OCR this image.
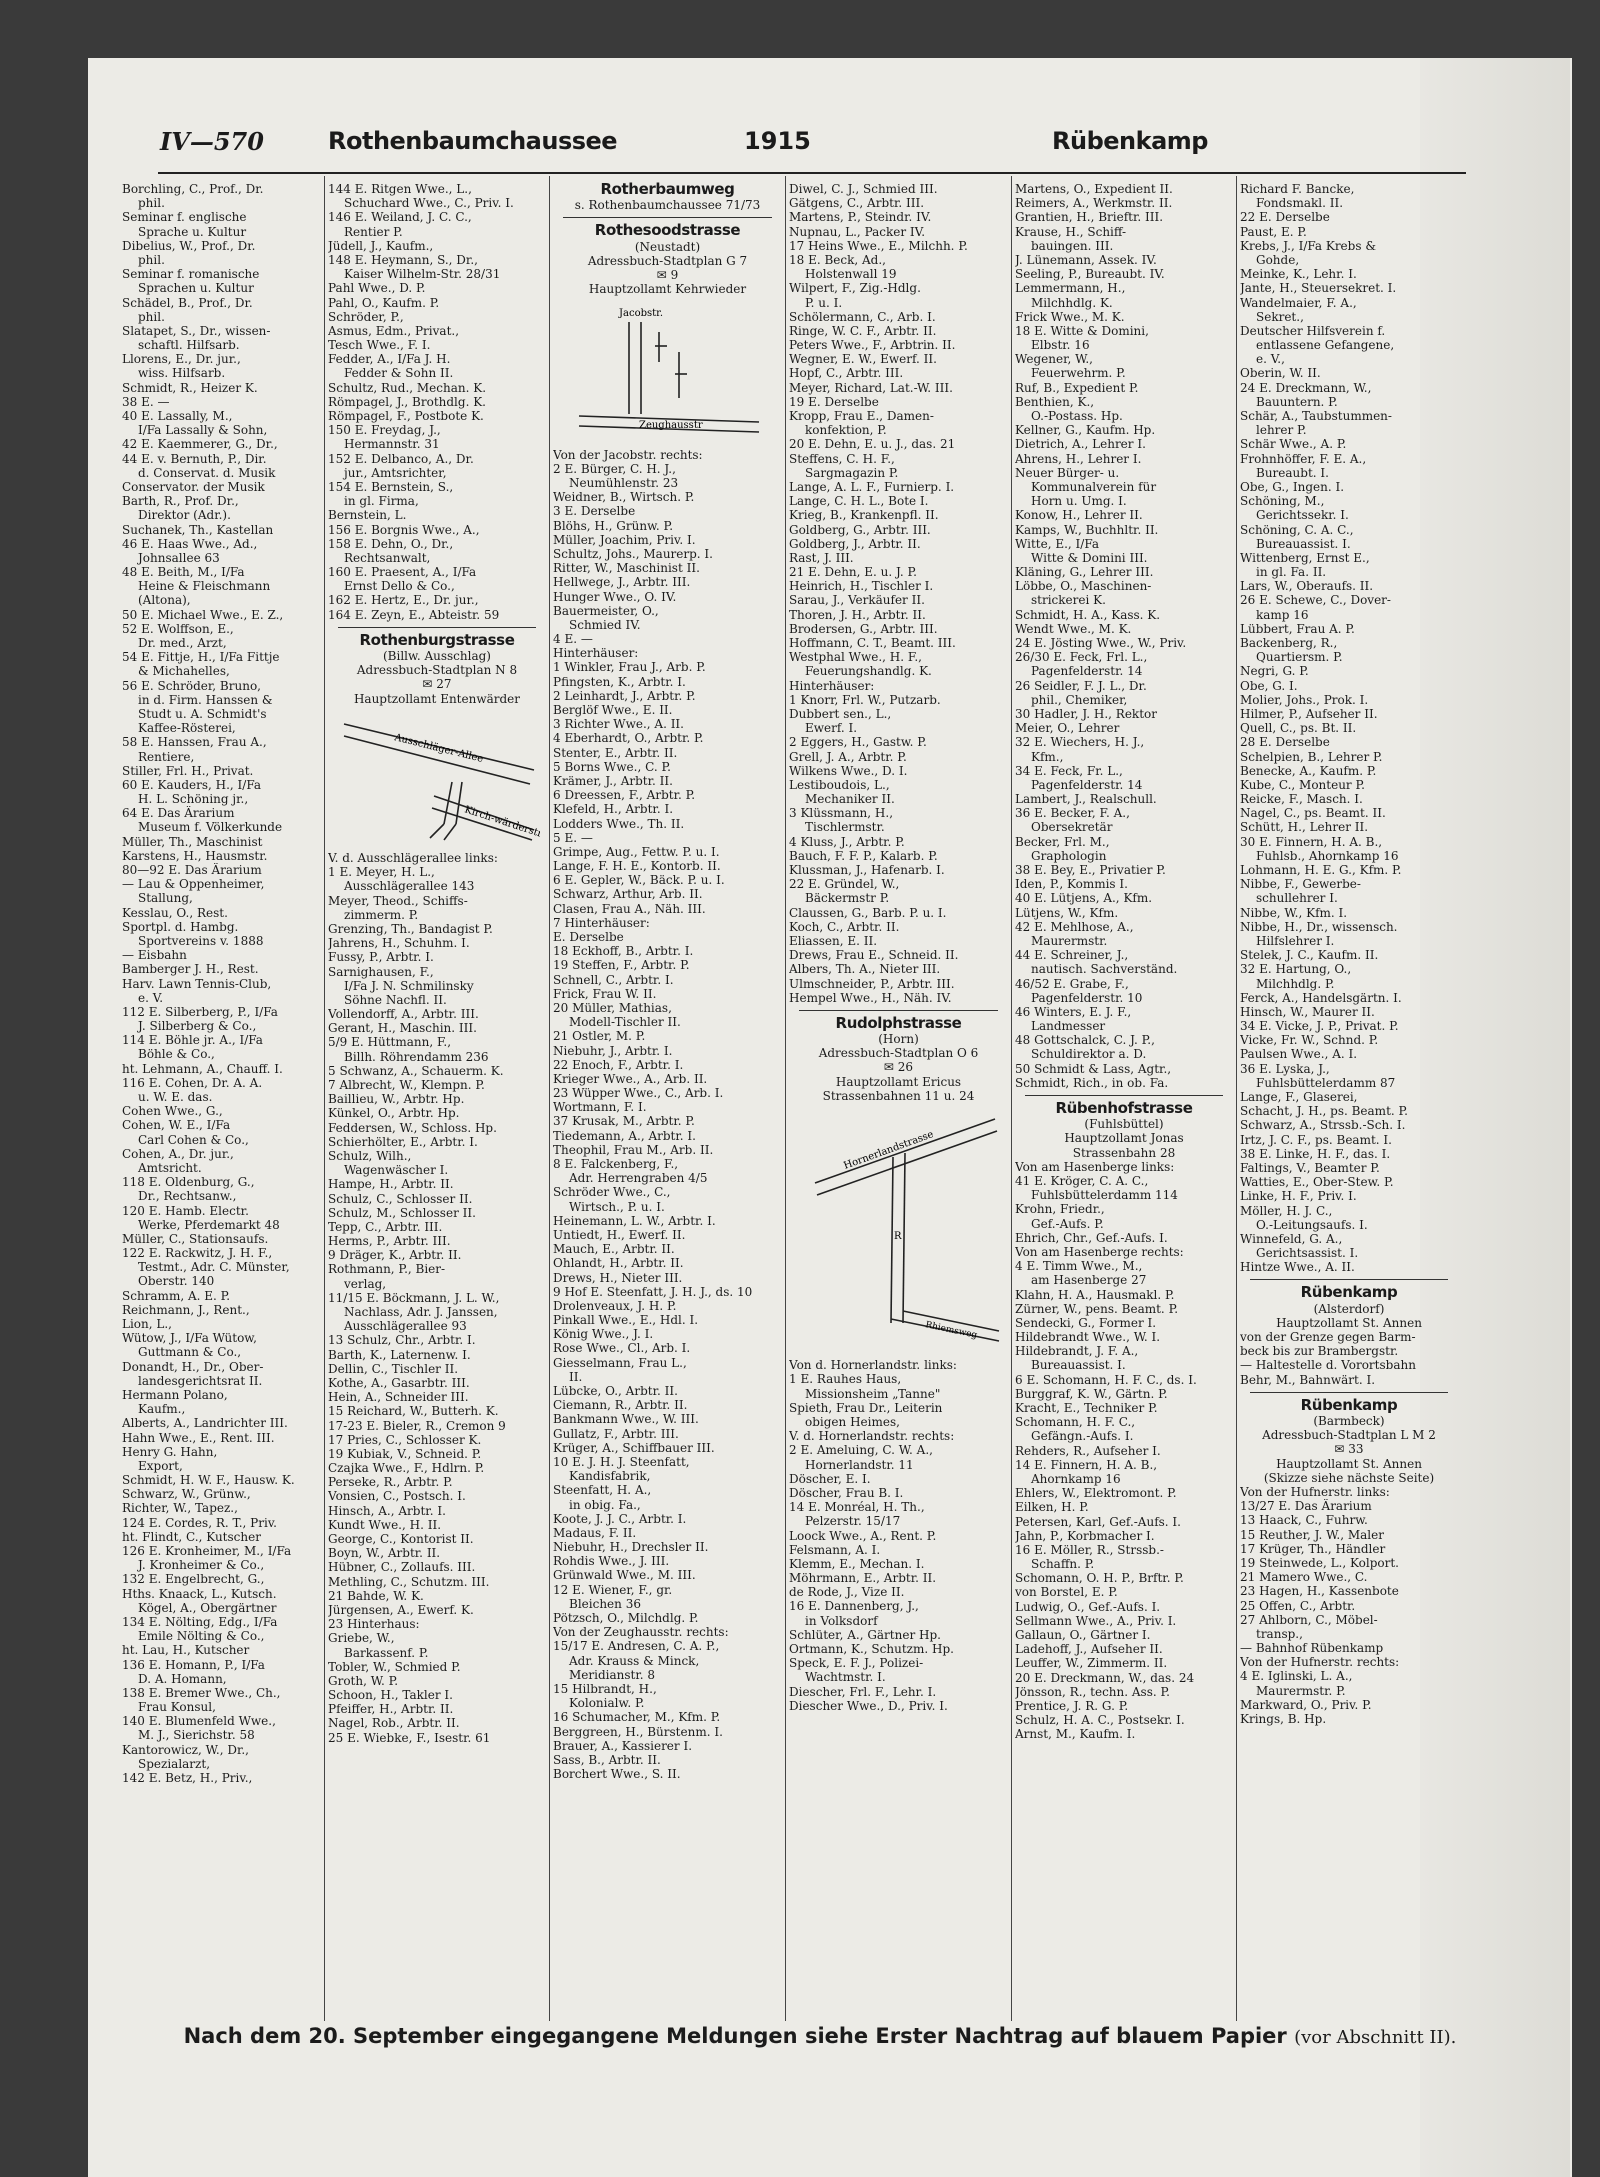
IV—570	Rothenbaumchaussee	1915	Rübenkamp
Borchling, C., Prof., Dr.
phil.
Seminar f. englische
Sprache u. Kultur
Dibelius, W., Prof., Dr.
phil.
Seminar f. romanische
Sprachen u. Kultur
Schädel, B., Prof., Dr.
phil.
Slatapet, S., Dr., wissen-
schaftl. Hilfsarb.
Llorens, E., Dr. jur.,
wiss. Hilfsarb.
Schmidt, R., Heizer K.
38 E. —
40 E. Lassally, M.,
I/Fa Lassally & Sohn,
42 E. Kaemmerer, G., Dr.,
44 E. v. Bernuth, P., Dir.
d. Conservat. d. Musik
Conservator. der Musik
Barth, R., Prof. Dr.,
Direktor (Adr.).
Suchanek, Th., Kastellan
46 E. Haas Wwe., Ad.,
Johnsallee 63
48 E. Beith, M., I/Fa
Heine & Fleischmann
(Altona),
50 E. Michael Wwe., E. Z.,
52 E. Wolffson, E.,
Dr. med., Arzt,
54 E. Fittje, H., I/Fa Fittje
& Michahelles,
56 E. Schröder, Bruno,
in d. Firm. Hanssen &
Studt u. A. Schmidt's
Kaffee-Rösterei,
58 E. Hanssen, Frau A.,
Rentiere,
Stiller, Frl. H., Privat.
60 E. Kauders, H., I/Fa
H. L. Schöning jr.,
64 E. Das Ärarium
Museum f. Völkerkunde
Müller, Th., Maschinist
Karstens, H., Hausmstr.
80—92 E. Das Ärarium
— Lau & Oppenheimer,
Stallung,
Kesslau, O., Rest.
Sportpl. d. Hambg.
Sportvereins v. 1888
— Eisbahn
Bamberger J. H., Rest.
Harv. Lawn Tennis-Club,
e. V.
112 E. Silberberg, P., I/Fa
J. Silberberg & Co.,
114 E. Böhle jr. A., I/Fa
Böhle & Co.,
ht. Lehmann, A., Chauff. I.
116 E. Cohen, Dr. A. A.
u. W. E. das.
Cohen Wwe., G.,
Cohen, W. E., I/Fa
Carl Cohen & Co.,
Cohen, A., Dr. jur.,
Amtsricht.
118 E. Oldenburg, G.,
Dr., Rechtsanw.,
120 E. Hamb. Electr.
Werke, Pferdemarkt 48
Müller, C., Stationsaufs.
122 E. Rackwitz, J. H. F.,
Testmt., Adr. C. Münster,
Oberstr. 140
Schramm, A. E. P.
Reichmann, J., Rent.,
Lion, L.,
Wütow, J., I/Fa Wütow,
Guttmann & Co.,
Donandt, H., Dr., Ober-
landesgerichtsrat II.
Hermann Polano,
Kaufm.,
Alberts, A., Landrichter III.
Hahn Wwe., E., Rent. III.
Henry G. Hahn,
Export,
Schmidt, H. W. F., Hausw. K.
Schwarz, W., Grünw.,
Richter, W., Tapez.,
124 E. Cordes, R. T., Priv.
ht. Flindt, C., Kutscher
126 E. Kronheimer, M., I/Fa
J. Kronheimer & Co.,
132 E. Engelbrecht, G.,
Hths. Knaack, L., Kutsch.
Kögel, A., Obergärtner
134 E. Nölting, Edg., I/Fa
Emile Nölting & Co.,
ht. Lau, H., Kutscher
136 E. Homann, P., I/Fa
D. A. Homann,
138 E. Bremer Wwe., Ch.,
Frau Konsul,
140 E. Blumenfeld Wwe.,
M. J., Sierichstr. 58
Kantorowicz, W., Dr.,
Spezialarzt,
142 E. Betz, H., Priv.,
144 E. Ritgen Wwe., L.,
Schuchard Wwe., C., Priv. I.
146 E. Weiland, J. C. C.,
Rentier P.
Jüdell, J., Kaufm.,
148 E. Heymann, S., Dr.,
Kaiser Wilhelm-Str. 28/31
Pahl Wwe., D. P.
Pahl, O., Kaufm. P.
Schröder, P.,
Asmus, Edm., Privat.,
Tesch Wwe., F. I.
Fedder, A., I/Fa J. H.
Fedder & Sohn II.
Schultz, Rud., Mechan. K.
Römpagel, J., Brothdlg. K.
Römpagel, F., Postbote K.
150 E. Freydag, J.,
Hermannstr. 31
152 E. Delbanco, A., Dr.
jur., Amtsrichter,
154 E. Bernstein, S.,
in gl. Firma,
Bernstein, L.
156 E. Borgnis Wwe., A.,
158 E. Dehn, O., Dr.,
Rechtsanwalt,
160 E. Praesent, A., I/Fa
Ernst Dello & Co.,
162 E. Hertz, E., Dr. jur.,
164 E. Zeyn, E., Abteistr. 59
Rothenburgstrasse
(Billw. Ausschlag)
Adressbuch-Stadtplan N 8
✉ 27
Hauptzollamt Entenwärder
Ausschläger-Allee
Kirch-wärderstr.
V. d. Ausschlägerallee links:
1 E. Meyer, H. L.,
Ausschlägerallee 143
Meyer, Theod., Schiffs-
zimmerm. P.
Grenzing, Th., Bandagist P.
Jahrens, H., Schuhm. I.
Fussy, P., Arbtr. I.
Sarnighausen, F.,
I/Fa J. N. Schmilinsky
Söhne Nachfl. II.
Vollendorff, A., Arbtr. III.
Gerant, H., Maschin. III.
5/9 E. Hüttmann, F.,
Billh. Röhrendamm 236
5 Schwanz, A., Schauerm. K.
7 Albrecht, W., Klempn. P.
Baillieu, W., Arbtr. Hp.
Künkel, O., Arbtr. Hp.
Feddersen, W., Schloss. Hp.
Schierhölter, E., Arbtr. I.
Schulz, Wilh.,
Wagenwäscher I.
Hampe, H., Arbtr. II.
Schulz, C., Schlosser II.
Schulz, M., Schlosser II.
Tepp, C., Arbtr. III.
Herms, P., Arbtr. III.
9 Dräger, K., Arbtr. II.
Rothmann, P., Bier-
verlag,
11/15 E. Böckmann, J. L. W.,
Nachlass, Adr. J. Janssen,
Ausschlägerallee 93
13 Schulz, Chr., Arbtr. I.
Barth, K., Laternenw. I.
Dellin, C., Tischler II.
Kothe, A., Gasarbtr. III.
Hein, A., Schneider III.
15 Reichard, W., Butterh. K.
17-23 E. Bieler, R., Cremon 9
17 Pries, C., Schlosser K.
19 Kubiak, V., Schneid. P.
Czajka Wwe., F., Hdlrn. P.
Perseke, R., Arbtr. P.
Vonsien, C., Postsch. I.
Hinsch, A., Arbtr. I.
Kundt Wwe., H. II.
George, C., Kontorist II.
Boyn, W., Arbtr. II.
Hübner, C., Zollaufs. III.
Methling, C., Schutzm. III.
21 Bahde, W. K.
Jürgensen, A., Ewerf. K.
23 Hinterhaus:
Griebe, W.,
Barkassenf. P.
Tobler, W., Schmied P.
Groth, W. P.
Schoon, H., Takler I.
Pfeiffer, H., Arbtr. II.
Nagel, Rob., Arbtr. II.
25 E. Wiebke, F., Isestr. 61
Rotherbaumweg
s. Rothenbaumchaussee 71/73
Rothesoodstrasse
(Neustadt)
Adressbuch-Stadtplan G 7
✉ 9
Hauptzollamt Kehrwieder
Jacobstr.
Zeughausstr
Von der Jacobstr. rechts:
2 E. Bürger, C. H. J.,
Neumühlenstr. 23
Weidner, B., Wirtsch. P.
3 E. Derselbe
Blöhs, H., Grünw. P.
Müller, Joachim, Priv. I.
Schultz, Johs., Maurerp. I.
Ritter, W., Maschinist II.
Hellwege, J., Arbtr. III.
Hunger Wwe., O. IV.
Bauermeister, O.,
Schmied IV.
4 E. —
Hinterhäuser:
1 Winkler, Frau J., Arb. P.
Pfingsten, K., Arbtr. I.
2 Leinhardt, J., Arbtr. P.
Berglöf Wwe., E. II.
3 Richter Wwe., A. II.
4 Eberhardt, O., Arbtr. P.
Stenter, E., Arbtr. II.
5 Borns Wwe., C. P.
Krämer, J., Arbtr. II.
6 Dreessen, F., Arbtr. P.
Klefeld, H., Arbtr. I.
Lodders Wwe., Th. II.
5 E. —
Grimpe, Aug., Fettw. P. u. I.
Lange, F. H. E., Kontorb. II.
6 E. Gepler, W., Bäck. P. u. I.
Schwarz, Arthur, Arb. II.
Clasen, Frau A., Näh. III.
7 Hinterhäuser:
E. Derselbe
18 Eckhoff, B., Arbtr. I.
19 Steffen, F., Arbtr. P.
Schnell, C., Arbtr. I.
Frick, Frau W. II.
20 Müller, Mathias,
Modell-Tischler II.
21 Ostler, M. P.
Niebuhr, J., Arbtr. I.
22 Enoch, F., Arbtr. I.
Krieger Wwe., A., Arb. II.
23 Wüpper Wwe., C., Arb. I.
Wortmann, F. I.
37 Krusak, M., Arbtr. P.
Tiedemann, A., Arbtr. I.
Theophil, Frau M., Arb. II.
8 E. Falckenberg, F.,
Adr. Herrengraben 4/5
Schröder Wwe., C.,
Wirtsch., P. u. I.
Heinemann, L. W., Arbtr. I.
Untiedt, H., Ewerf. II.
Mauch, E., Arbtr. II.
Ohlandt, H., Arbtr. II.
Drews, H., Nieter III.
9 Hof E. Steenfatt, J. H. J., ds. 10
Drolenveaux, J. H. P.
Pinkall Wwe., E., Hdl. I.
König Wwe., J. I.
Rose Wwe., Cl., Arb. I.
Giesselmann, Frau L.,
II.
Lübcke, O., Arbtr. II.
Ciemann, R., Arbtr. II.
Bankmann Wwe., W. III.
Gullatz, F., Arbtr. III.
Krüger, A., Schiffbauer III.
10 E. J. H. J. Steenfatt,
Kandisfabrik,
Steenfatt, H. A.,
in obig. Fa.,
Koote, J. J. C., Arbtr. I.
Madaus, F. II.
Niebuhr, H., Drechsler II.
Rohdis Wwe., J. III.
Grünwald Wwe., M. III.
12 E. Wiener, F., gr.
Bleichen 36
Pötzsch, O., Milchdlg. P.
Von der Zeughausstr. rechts:
15/17 E. Andresen, C. A. P.,
Adr. Krauss & Minck,
Meridianstr. 8
15 Hilbrandt, H.,
Kolonialw. P.
16 Schumacher, M., Kfm. P.
Berggreen, H., Bürstenm. I.
Brauer, A., Kassierer I.
Sass, B., Arbtr. II.
Borchert Wwe., S. II.
Diwel, C. J., Schmied III.
Gätgens, C., Arbtr. III.
Martens, P., Steindr. IV.
Nupnau, L., Packer IV.
17 Heins Wwe., E., Milchh. P.
18 E. Beck, Ad.,
Holstenwall 19
Wilpert, F., Zig.-Hdlg.
P. u. I.
Schölermann, C., Arb. I.
Ringe, W. C. F., Arbtr. II.
Peters Wwe., F., Arbtrin. II.
Wegner, E. W., Ewerf. II.
Hopf, C., Arbtr. III.
Meyer, Richard, Lat.-W. III.
19 E. Derselbe
Kropp, Frau E., Damen-
konfektion, P.
20 E. Dehn, E. u. J., das. 21
Steffens, C. H. F.,
Sargmagazin P.
Lange, A. L. F., Furnierp. I.
Lange, C. H. L., Bote I.
Krieg, B., Krankenpfl. II.
Goldberg, G., Arbtr. III.
Goldberg, J., Arbtr. II.
Rast, J. III.
21 E. Dehn, E. u. J. P.
Heinrich, H., Tischler I.
Sarau, J., Verkäufer II.
Thoren, J. H., Arbtr. II.
Brodersen, G., Arbtr. III.
Hoffmann, C. T., Beamt. III.
Westphal Wwe., H. F.,
Feuerungshandlg. K.
Hinterhäuser:
1 Knorr, Frl. W., Putzarb.
Dubbert sen., L.,
Ewerf. I.
2 Eggers, H., Gastw. P.
Grell, J. A., Arbtr. P.
Wilkens Wwe., D. I.
Lestiboudois, L.,
Mechaniker II.
3 Klüssmann, H.,
Tischlermstr.
4 Kluss, J., Arbtr. P.
Bauch, F. F. P., Kalarb. P.
Klussman, J., Hafenarb. I.
22 E. Gründel, W.,
Bäckermstr P.
Claussen, G., Barb. P. u. I.
Koch, C., Arbtr. II.
Eliassen, E. II.
Drews, Frau E., Schneid. II.
Albers, Th. A., Nieter III.
Ulmschneider, P., Arbtr. III.
Hempel Wwe., H., Näh. IV.
Rudolphstrasse
(Horn)
Adressbuch-Stadtplan O 6
✉ 26
Hauptzollamt Ericus
Strassenbahnen 11 u. 24
Hornerlandstrasse
Rhiemsweg
R
Von d. Hornerlandstr. links:
1 E. Rauhes Haus,
Missionsheim „Tanne"
Spieth, Frau Dr., Leiterin
obigen Heimes,
V. d. Hornerlandstr. rechts:
2 E. Ameluing, C. W. A.,
Hornerlandstr. 11
Döscher, E. I.
Döscher, Frau B. I.
14 E. Monréal, H. Th.,
Pelzerstr. 15/17
Loock Wwe., A., Rent. P.
Felsmann, A. I.
Klemm, E., Mechan. I.
Möhrmann, E., Arbtr. II.
de Rode, J., Vize II.
16 E. Dannenberg, J.,
in Volksdorf
Schlüter, A., Gärtner Hp.
Ortmann, K., Schutzm. Hp.
Speck, E. F. J., Polizei-
Wachtmstr. I.
Diescher, Frl. F., Lehr. I.
Diescher Wwe., D., Priv. I.
Martens, O., Expedient II.
Reimers, A., Werkmstr. II.
Grantien, H., Brieftr. III.
Krause, H., Schiff-
bauingen. III.
J. Lünemann, Assek. IV.
Seeling, P., Bureaubt. IV.
Lemmermann, H.,
Milchhdlg. K.
Frick Wwe., M. K.
18 E. Witte & Domini,
Elbstr. 16
Wegener, W.,
Feuerwehrm. P.
Ruf, B., Expedient P.
Benthien, K.,
O.-Postass. Hp.
Kellner, G., Kaufm. Hp.
Dietrich, A., Lehrer I.
Ahrens, H., Lehrer I.
Neuer Bürger- u.
Kommunalverein für
Horn u. Umg. I.
Konow, H., Lehrer II.
Kamps, W., Buchhltr. II.
Witte, E., I/Fa
Witte & Domini III.
Kläning, G., Lehrer III.
Löbbe, O., Maschinen-
strickerei K.
Schmidt, H. A., Kass. K.
Wendt Wwe., M. K.
24 E. Jösting Wwe., W., Priv.
26/30 E. Feck, Frl. L.,
Pagenfelderstr. 14
26 Seidler, F. J. L., Dr.
phil., Chemiker,
30 Hadler, J. H., Rektor
Meier, O., Lehrer
32 E. Wiechers, H. J.,
Kfm.,
34 E. Feck, Fr. L.,
Pagenfelderstr. 14
Lambert, J., Realschull.
36 E. Becker, F. A.,
Obersekretär
Becker, Frl. M.,
Graphologin
38 E. Bey, E., Privatier P.
Iden, P., Kommis I.
40 E. Lütjens, A., Kfm.
Lütjens, W., Kfm.
42 E. Mehlhose, A.,
Maurermstr.
44 E. Schreiner, J.,
nautisch. Sachverständ.
46/52 E. Grabe, F.,
Pagenfelderstr. 10
46 Winters, E. J. F.,
Landmesser
48 Gottschalck, C. J. P.,
Schuldirektor a. D.
50 Schmidt & Lass, Agtr.,
Schmidt, Rich., in ob. Fa.
Rübenhofstrasse
(Fuhlsbüttel)
Hauptzollamt Jonas
Strassenbahn 28
Von am Hasenberge links:
41 E. Kröger, C. A. C.,
Fuhlsbüttelerdamm 114
Krohn, Friedr.,
Gef.-Aufs. P.
Ehrich, Chr., Gef.-Aufs. I.
Von am Hasenberge rechts:
4 E. Timm Wwe., M.,
am Hasenberge 27
Klahn, H. A., Hausmakl. P.
Zürner, W., pens. Beamt. P.
Sendecki, G., Former I.
Hildebrandt Wwe., W. I.
Hildebrandt, J. F. A.,
Bureauassist. I.
6 E. Schomann, H. F. C., ds. I.
Burggraf, K. W., Gärtn. P.
Kracht, E., Techniker P.
Schomann, H. F. C.,
Gefängn.-Aufs. I.
Rehders, R., Aufseher I.
14 E. Finnern, H. A. B.,
Ahornkamp 16
Ehlers, W., Elektromont. P.
Eilken, H. P.
Petersen, Karl, Gef.-Aufs. I.
Jahn, P., Korbmacher I.
16 E. Möller, R., Strssb.-
Schaffn. P.
Schomann, O. H. P., Brftr. P.
von Borstel, E. P.
Ludwig, O., Gef.-Aufs. I.
Sellmann Wwe., A., Priv. I.
Gallaun, O., Gärtner I.
Ladehoff, J., Aufseher II.
Leuffer, W., Zimmerm. II.
20 E. Dreckmann, W., das. 24
Jönsson, R., techn. Ass. P.
Prentice, J. R. G. P.
Schulz, H. A. C., Postsekr. I.
Arnst, M., Kaufm. I.
Richard F. Bancke,
Fondsmakl. II.
22 E. Derselbe
Paust, E. P.
Krebs, J., I/Fa Krebs &
Gohde,
Meinke, K., Lehr. I.
Jante, H., Steuersekret. I.
Wandelmaier, F. A.,
Sekret.,
Deutscher Hilfsverein f.
entlassene Gefangene,
e. V.,
Oberin, W. II.
24 E. Dreckmann, W.,
Bauuntern. P.
Schär, A., Taubstummen-
lehrer P.
Schär Wwe., A. P.
Frohnhöffer, F. E. A.,
Bureaubt. I.
Obe, G., Ingen. I.
Schöning, M.,
Gerichtssekr. I.
Schöning, C. A. C.,
Bureauassist. I.
Wittenberg, Ernst E.,
in gl. Fa. II.
Lars, W., Oberaufs. II.
26 E. Schewe, C., Dover-
kamp 16
Lübbert, Frau A. P.
Backenberg, R.,
Quartiersm. P.
Negri, G. P.
Obe, G. I.
Molier, Johs., Prok. I.
Hilmer, P., Aufseher II.
Quell, C., ps. Bt. II.
28 E. Derselbe
Schelpien, B., Lehrer P.
Benecke, A., Kaufm. P.
Kube, C., Monteur P.
Reicke, F., Masch. I.
Nagel, C., ps. Beamt. II.
Schütt, H., Lehrer II.
30 E. Finnern, H. A. B.,
Fuhlsb., Ahornkamp 16
Lohmann, H. E. G., Kfm. P.
Nibbe, F., Gewerbe-
schullehrer I.
Nibbe, W., Kfm. I.
Nibbe, H., Dr., wissensch.
Hilfslehrer I.
Stelek, J. C., Kaufm. II.
32 E. Hartung, O.,
Milchhdlg. P.
Ferck, A., Handelsgärtn. I.
Hinsch, W., Maurer II.
34 E. Vicke, J. P., Privat. P.
Vicke, Fr. W., Schnd. P.
Paulsen Wwe., A. I.
36 E. Lyska, J.,
Fuhlsbüttelerdamm 87
Lange, F., Glaserei,
Schacht, J. H., ps. Beamt. P.
Schwarz, A., Strssb.-Sch. I.
Irtz, J. C. F., ps. Beamt. I.
38 E. Linke, H. F., das. I.
Faltings, V., Beamter P.
Watties, E., Ober-Stew. P.
Linke, H. F., Priv. I.
Möller, H. J. C.,
O.-Leitungsaufs. I.
Winnefeld, G. A.,
Gerichtsassist. I.
Hintze Wwe., A. II.
Rübenkamp
(Alsterdorf)
Hauptzollamt St. Annen
von der Grenze gegen Barm-
beck bis zur Brambergstr.
— Haltestelle d. Vorortsbahn
Behr, M., Bahnwärt. I.
Rübenkamp
(Barmbeck)
Adressbuch-Stadtplan L M 2
✉ 33
Hauptzollamt St. Annen
(Skizze siehe nächste Seite)
Von der Hufnerstr. links:
13/27 E. Das Ärarium
13 Haack, C., Fuhrw.
15 Reuther, J. W., Maler
17 Krüger, Th., Händler
19 Steinwede, L., Kolport.
21 Mamero Wwe., C.
23 Hagen, H., Kassenbote
25 Offen, C., Arbtr.
27 Ahlborn, C., Möbel-
transp.,
— Bahnhof Rübenkamp
Von der Hufnerstr. rechts:
4 E. Iglinski, L. A.,
Maurermstr. P.
Markward, O., Priv. P.
Krings, B. Hp.
Nach dem 20. September eingegangene Meldungen siehe Erster Nachtrag auf blauem Papier (vor Abschnitt II).
